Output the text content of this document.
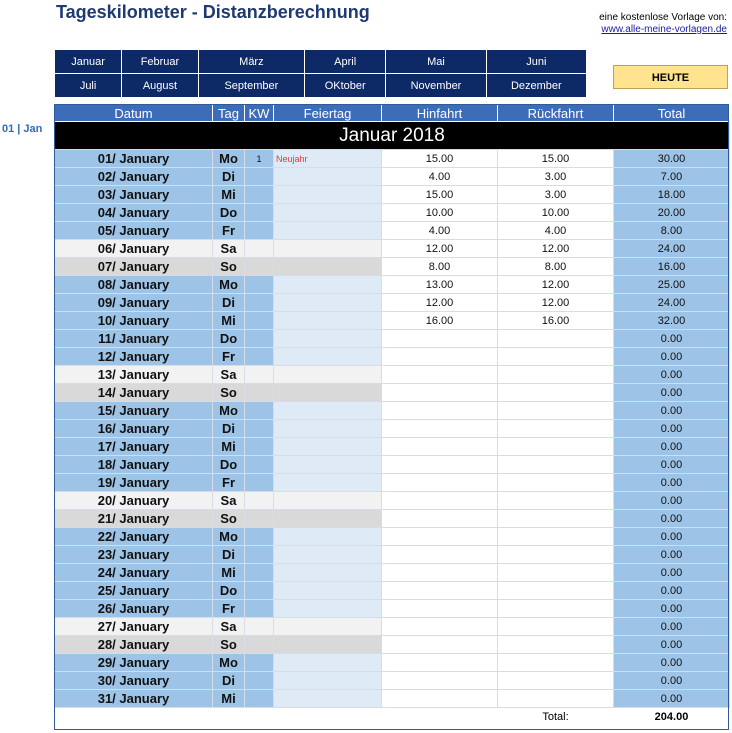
Tageskilometer - Distanzberechnung	eine kostenlose Vorlage von:
www.alle-meine-vorlagen.de
Januar	Februar	März	April	Mai	Juni
Juli	August	September	OKtober	November	Dezember
HEUTE
01 | Jan
Datum	Tag	KW	Feiertag	Hinfahrt	Rückfahrt	Total
Januar 2018						
01/ January	Mo	1	Neujahr	15.00	15.00	30.00
02/ January	Di			4.00	3.00	7.00
03/ January	Mi			15.00	3.00	18.00
04/ January	Do			10.00	10.00	20.00
05/ January	Fr			4.00	4.00	8.00
06/ January	Sa			12.00	12.00	24.00
07/ January	So			8.00	8.00	16.00
08/ January	Mo			13.00	12.00	25.00
09/ January	Di			12.00	12.00	24.00
10/ January	Mi			16.00	16.00	32.00
11/ January	Do					0.00
12/ January	Fr					0.00
13/ January	Sa					0.00
14/ January	So					0.00
15/ January	Mo					0.00
16/ January	Di					0.00
17/ January	Mi					0.00
18/ January	Do					0.00
19/ January	Fr					0.00
20/ January	Sa					0.00
21/ January	So					0.00
22/ January	Mo					0.00
23/ January	Di					0.00
24/ January	Mi					0.00
25/ January	Do					0.00
26/ January	Fr					0.00
27/ January	Sa					0.00
28/ January	So					0.00
29/ January	Mo					0.00
30/ January	Di					0.00
31/ January	Mi					0.00
					Total:	204.00
